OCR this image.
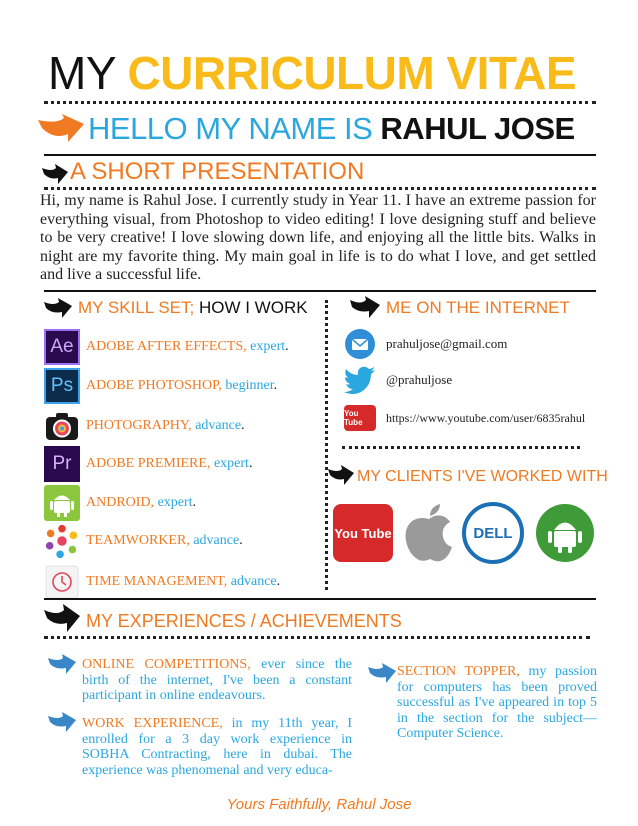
MY CURRICULUM VITAE
HELLO MY NAME IS RAHUL JOSE
A SHORT PRESENTATION
Hi, my name is Rahul Jose. I currently study in Year 11. I have an extreme passion for everything visual, from Photoshop to video editing! I love designing stuff and believe to be very creative! I love slowing down life, and enjoying all the little bits. Walks in night are my favorite thing. My main goal in life is to do what I love, and get settled and live a successful life.
MY SKILL SET; HOW I WORK	ME ON THE INTERNET
Ae ADOBE AFTER EFFECTS, expert.
Ps ADOBE PHOTOSHOP, beginner.
PHOTOGRAPHY, advance.
Pr	ADOBE PREMIERE, expert.
ANDROID, expert.
TEAMWORKER, advance.
TIME MANAGEMENT, advance.
prahuljose@gmail.com
@prahuljose
You Tube	https://www.youtube.com/user/6835rahul
MY CLIENTS I'VE WORKED WITH
You Tube	DELL
MY EXPERIENCES / ACHIEVEMENTS
ONLINE COMPETITIONS, ever since the birth of the internet, I've been a constant participant in online endeavours.
WORK EXPERIENCE, in my 11th year, I enrolled for a 3 day work experience in SOBHA Contracting, here in dubai. The experience was phenomenal and very educa-
SECTION TOPPER, my passion for computers has been proved successful as I've appeared in top 5 in the section for the subject—Computer Science.
Yours Faithfully, Rahul Jose
